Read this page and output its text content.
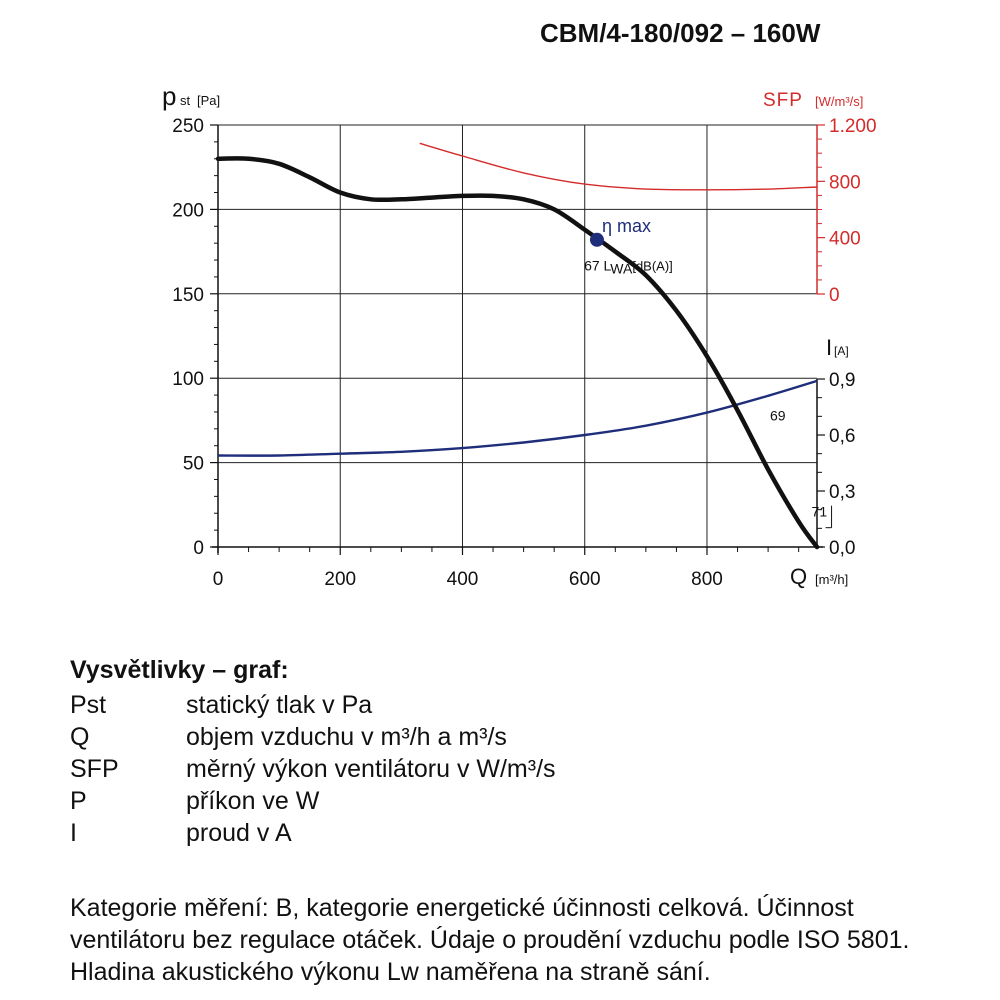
CBM/4-180/092 – 160W
0
50
100
150
200
250
0	200	400	600	800
0
400
800
1.200
0,0
0,3
0,6
0,9
p st [Pa]	SFP [W/m³/s]
I [A]
Q [m³/h]
η max
67 LWA[dB(A)]
69
71
Vysvětlivky – graf:
Pst	statický tlak v Pa
Q	objem vzduchu v m³/h a m³/s
SFP	měrný výkon ventilátoru v W/m³/s
P	příkon ve W
I	proud v A
Kategorie měření: B, kategorie energetické účinnosti celková. Účinnost ventilátoru bez regulace otáček. Údaje o proudění vzduchu podle ISO 5801. Hladina akustického výkonu Lw naměřena na straně sání.
